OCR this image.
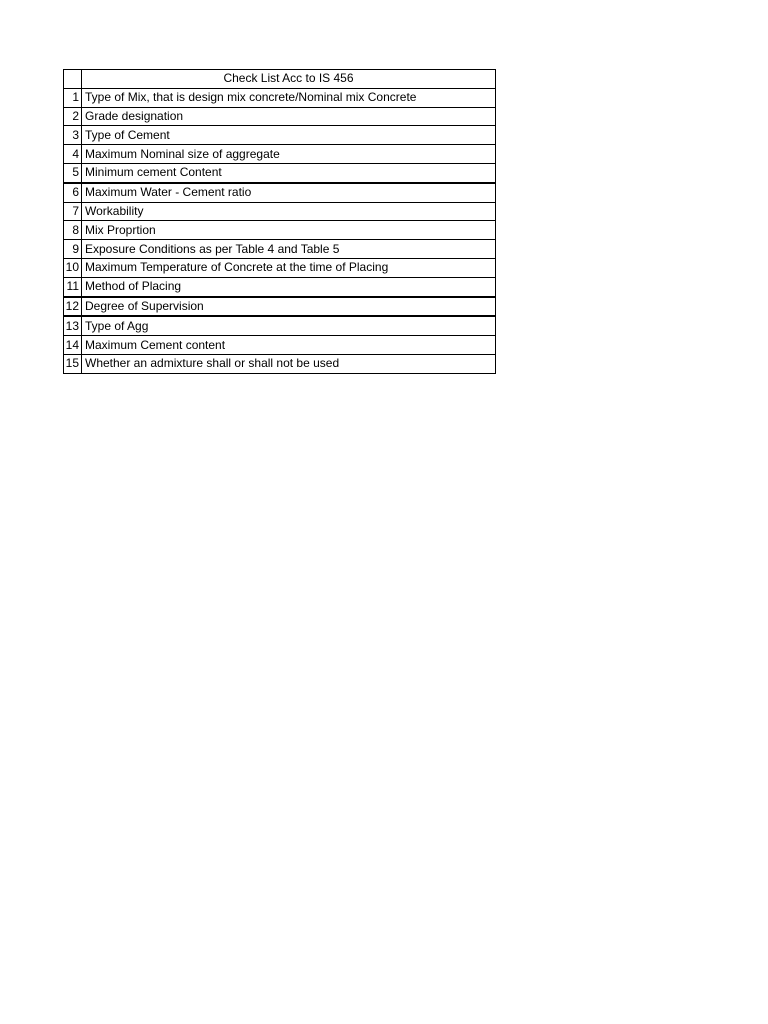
	Check List Acc to IS 456
1	Type of Mix, that is design mix concrete/Nominal mix Concrete
2	Grade designation
3	Type of Cement
4	Maximum Nominal size of aggregate
5	Minimum cement Content
6	Maximum Water - Cement ratio
7	Workability
8	Mix Proprtion
9	Exposure Conditions as per Table 4 and Table 5
10	Maximum Temperature of Concrete at the time of Placing
11	Method of Placing
12	Degree of Supervision
13	Type of Agg
14	Maximum Cement content
15	Whether an admixture shall or shall not be used
